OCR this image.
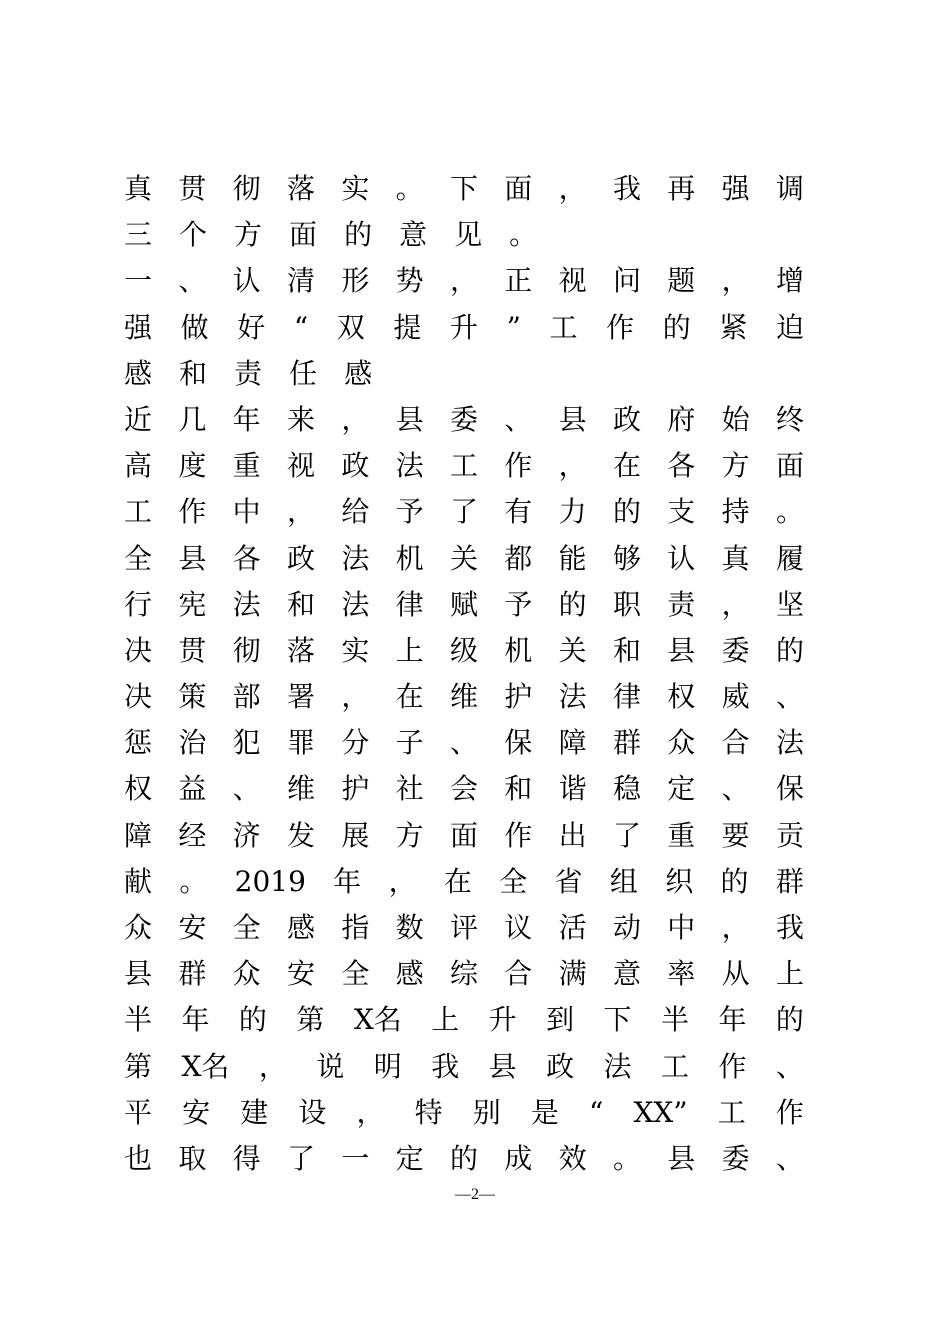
真 贯 彻 落 实 。 下 面 ， 我 再 强 调
三 个 方 面 的 意 见 。
一 、 认 清 形 势 ， 正 视 问 题 ， 增
强 做 好 “ 双 提 升 ” 工 作 的 紧 迫
感 和 责 任 感
近 几 年 来 ， 县 委 、 县 政 府 始 终
高 度 重 视 政 法 工 作 ， 在 各 方 面
工 作 中 ， 给 予 了 有 力 的 支 持 。
全 县 各 政 法 机 关 都 能 够 认 真 履
行 宪 法 和 法 律 赋 予 的 职 责 ， 坚
决 贯 彻 落 实 上 级 机 关 和 县 委 的
决 策 部 署 ， 在 维 护 法 律 权 威 、
惩 治 犯 罪 分 子 、 保 障 群 众 合 法
权 益 、 维 护 社 会 和 谐 稳 定 、 保
障 经 济 发 展 方 面 作 出 了 重 要 贡
献 。 2019 年 ， 在 全 省 组 织 的 群
众 安 全 感 指 数 评 议 活 动 中 ， 我
县 群 众 安 全 感 综 合 满 意 率 从 上
半 年 的 第 X名 上 升 到 下 半 年 的
第 X名 ， 说 明 我 县 政 法 工 作 、
平 安 建 设 ， 特 别 是 “ XX” 工 作
也 取 得 了 一 定 的 成 效 。 县 委 、
—2—
